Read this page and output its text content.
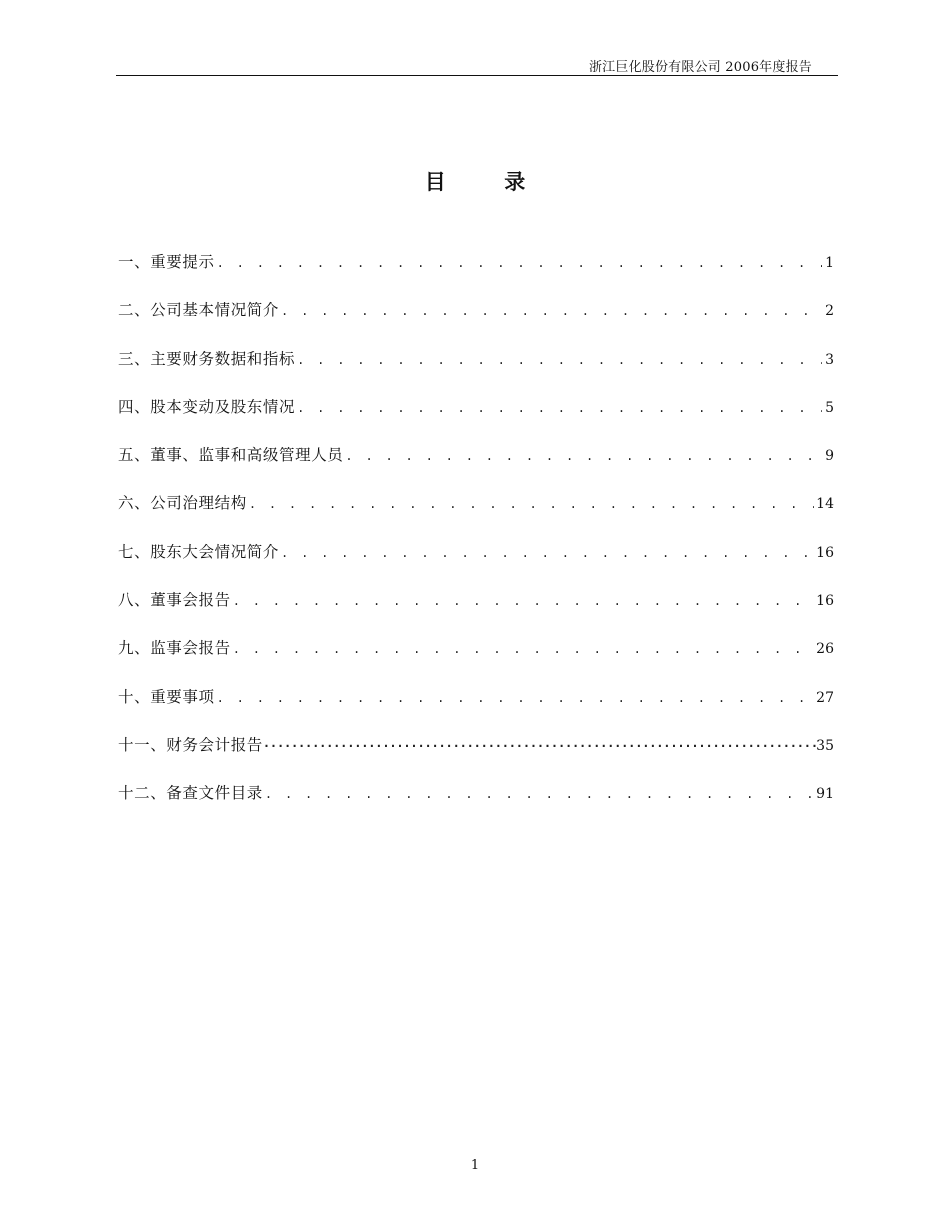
浙江巨化股份有限公司 2006年度报告
目        录
一、重要提示 . . .	1
二、公司基本情况简介 . . .	2
三、主要财务数据和指标 . . .	3
四、股本变动及股东情况 . . .	5
五、董事、监事和高级管理人员 . . .	9
六、公司治理结构 . . .	14
七、股东大会情况简介 . . .	16
八、董事会报告 . . .	16
九、监事会报告 . . .	26
十、重要事项 . . .	27
十一、财务会计报告 ·····	35
十二、备查文件目录 . . .	91
1
